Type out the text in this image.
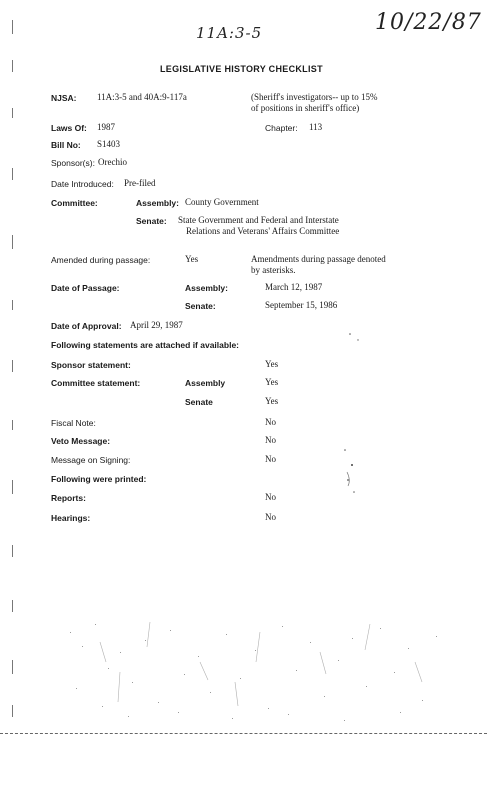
11A:3-5	10/22/87
LEGISLATIVE HISTORY CHECKLIST
NJSA: 11A:3-5 and 40A:9-117a	(Sheriff's investigators-- up to 15%
of positions in sheriff's office)
Laws Of: 1987	Chapter: 113
Bill No: S1403
Sponsor(s): Orechio
Date Introduced: Pre-filed
Committee:	Assembly: County Government
Senate: State Government and Federal and Interstate
Relations and Veterans' Affairs Committee
Amended during passage:	Yes	Amendments during passage denoted
by asterisks.
Date of Passage:	Assembly:	March 12, 1987
Senate:	September 15, 1986
Date of Approval: April 29, 1987
Following statements are attached if available:
Sponsor statement:	Yes
Committee statement:	Assembly	Yes
Senate	Yes
Fiscal Note:	No
Veto Message:	No
Message on Signing:	No
Following were printed:
Reports:	No
Hearings:	No
